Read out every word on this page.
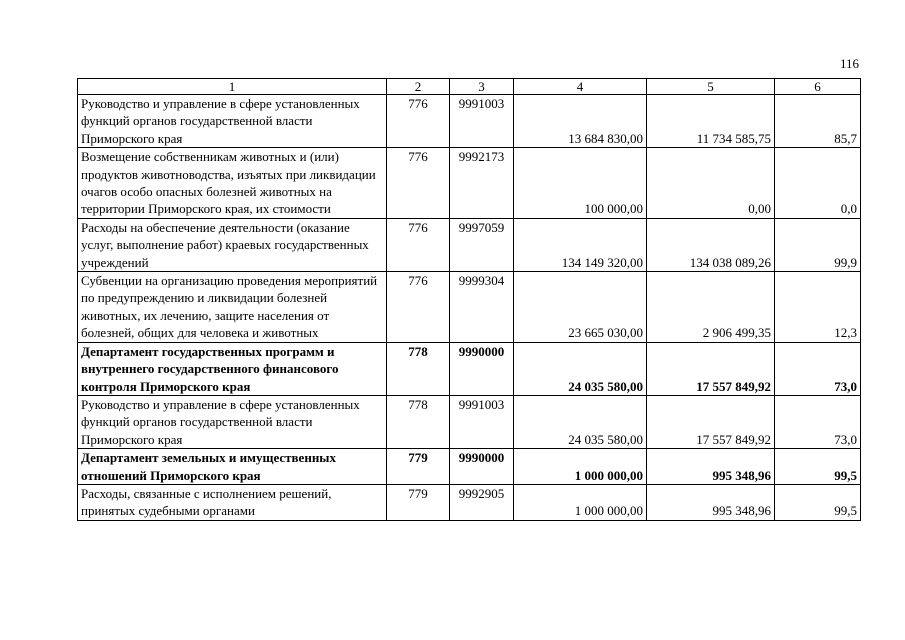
116
1	2	3	4	5	6
Руководство и управление в сфере установленных функций органов государственной власти Приморского края	776	9991003	13 684 830,00	11 734 585,75	85,7
Возмещение собственникам животных и (или) продуктов животноводства, изъятых при ликвидации очагов особо опасных болезней животных на территории Приморского края, их стоимости	776	9992173	100 000,00	0,00	0,0
Расходы на обеспечение деятельности (оказание услуг, выполнение работ) краевых государственных учреждений	776	9997059	134 149 320,00	134 038 089,26	99,9
Субвенции на организацию проведения мероприятий по предупреждению и ликвидации болезней животных, их лечению, защите населения от болезней, общих для человека и животных	776	9999304	23 665 030,00	2 906 499,35	12,3
Департамент государственных программ и внутреннего государственного финансового контроля Приморского края	778	9990000	24 035 580,00	17 557 849,92	73,0
Руководство и управление в сфере установленных функций органов государственной власти Приморского края	778	9991003	24 035 580,00	17 557 849,92	73,0
Департамент земельных и имущественных отношений Приморского края	779	9990000	1 000 000,00	995 348,96	99,5
Расходы, связанные с исполнением решений, принятых судебными органами	779	9992905	1 000 000,00	995 348,96	99,5
